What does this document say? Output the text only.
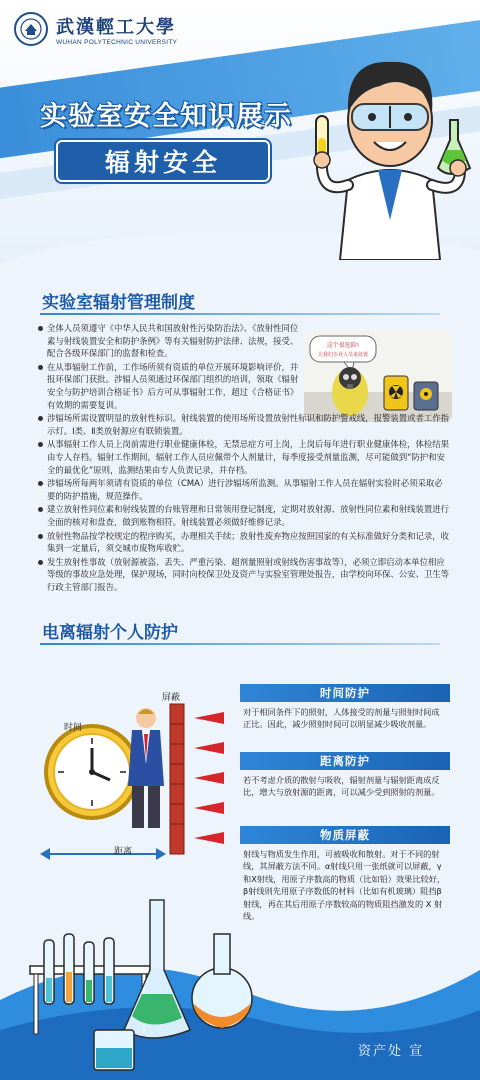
武漢輕工大學
WUHAN POLYTECHNIC UNIVERSITY
实验室安全知识展示
辐射安全
实验室辐射管理制度
这个很危险!
让我们专业人员来处置
全体人员须遵守《中华人民共和国放射性污染防治法》、《放射性同位素与射线装置安全和防护条例》等有关辐射防护法律、法规，接受、配合各级环保部门的监督和检查。
在从事辐射工作前，工作场所须有资质的单位开展环境影响评价，并报环保部门获批。涉辐人员须通过环保部门组织的培训，领取《辐射安全与防护培训合格证书》后方可从事辐射工作，超过《合格证书》有效期的需要复训。
涉辐场所需设置明显的放射性标识。射线装置的使用场所设置放射性标识和防护警戒线，报警装置或者工作指示灯。Ⅰ类、Ⅱ类放射源应有联锁装置。
从事辐射工作人员上岗前需进行职业健康体检，无禁忌症方可上岗，上岗后每年进行职业健康体检，体检结果由专人存档。辐射工作期间，辐射工作人员应佩带个人剂量计，每季度接受剂量监测，尽可能做到“防护和安全的最优化”原则，监测结果由专人负责记录，并存档。
涉辐场所每两年须请有资质的单位（CMA）进行涉辐场所监测。从事辐射工作人员在辐射实验时必须采取必要的防护措施，规范操作。
建立放射性同位素和射线装置的台账管理和日常领用登记制度，定期对放射源、放射性同位素和射线装置进行全面的核对和盘查，做到账物相符。射线装置必须做好维修记录。
放射性物品按学校规定的程序购买，办理相关手续；放射性废弃物应按照国家的有关标准做好分类和记录，收集到一定量后，须交城市废物库收贮。
发生放射性事故（放射源被盗、丢失、严重污染、超剂量照射或射线伤害事故等），必须立即启动本单位相应等级的事故应急处理，保护现场，同时向校保卫处及资产与实验室管理处报告，由学校向环保、公安、卫生等行政主管部门报告。
电离辐射个人防护
时间
屏蔽
距离
时间防护
对于相同条件下的照射，人体接受的剂量与照射时间成正比。因此，减少照射时间可以明显减少吸收剂量。
距离防护
若不考虑介质的散射与吸收，辐射剂量与辐射距离成反比，增大与放射源的距离，可以减少受到照射的剂量。
物质屏蔽
射线与物质发生作用，可被吸收和散射。对于不同的射线，其屏蔽方法不同。α射线只用一张纸就可以屏蔽，γ和X射线，用原子序数高的物质（比如铅）效果比较好，β射线则先用原子序数低的材料（比如有机玻璃）阻挡β射线，再在其后用原子序数较高的物质阻挡激发的 X 射线。
资产处 宣
